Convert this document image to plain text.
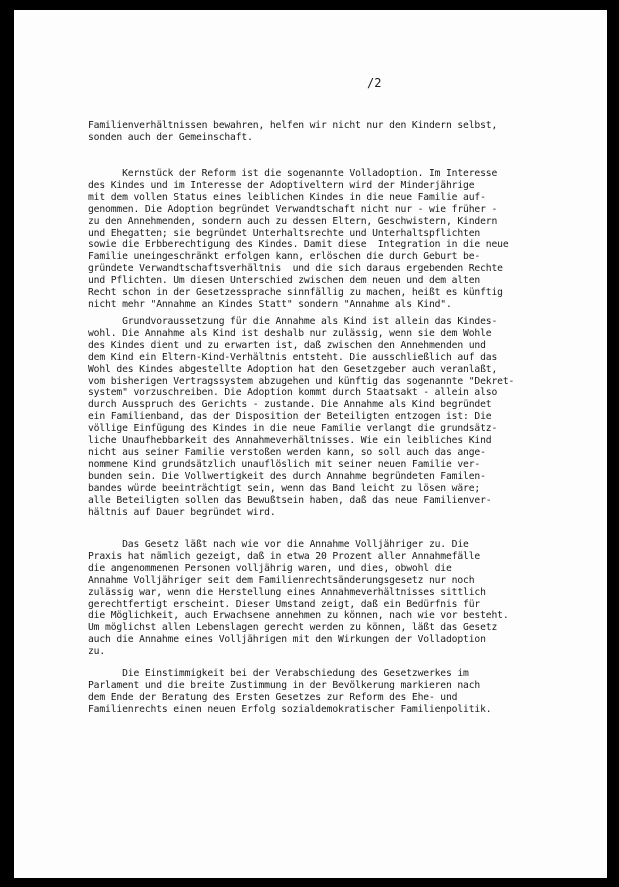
/2
Familienverhältnissen bewahren, helfen wir nicht nur den Kindern selbst,
sonden auch der Gemeinschaft.
Kernstück der Reform ist die sogenannte Volladoption. Im Interesse
des Kindes und im Interesse der Adoptiveltern wird der Minderjährige
mit dem vollen Status eines leiblichen Kindes in die neue Familie auf-
genommen. Die Adoption begründet Verwandtschaft nicht nur - wie früher -
zu den Annehmenden, sondern auch zu dessen Eltern, Geschwistern, Kindern
und Ehegatten; sie begründet Unterhaltsrechte und Unterhaltspflichten
sowie die Erbberechtigung des Kindes. Damit diese  Integration in die neue
Familie uneingeschränkt erfolgen kann, erlöschen die durch Geburt be-
gründete Verwandtschaftsverhältnis  und die sich daraus ergebenden Rechte
und Pflichten. Um diesen Unterschied zwischen dem neuen und dem alten
Recht schon in der Gesetzessprache sinnfällig zu machen, heißt es künftig
nicht mehr "Annahme an Kindes Statt" sondern "Annahme als Kind".
Grundvoraussetzung für die Annahme als Kind ist allein das Kindes-
wohl. Die Annahme als Kind ist deshalb nur zulässig, wenn sie dem Wohle
des Kindes dient und zu erwarten ist, daß zwischen den Annehmenden und
dem Kind ein Eltern-Kind-Verhältnis entsteht. Die ausschließlich auf das
Wohl des Kindes abgestellte Adoption hat den Gesetzgeber auch veranlaßt,
vom bisherigen Vertragssystem abzugehen und künftig das sogenannte "Dekret-
system" vorzuschreiben. Die Adoption kommt durch Staatsakt - allein also
durch Ausspruch des Gerichts - zustande. Die Annahme als Kind begründet
ein Familienband, das der Disposition der Beteiligten entzogen ist: Die
völlige Einfügung des Kindes in die neue Familie verlangt die grundsätz-
liche Unaufhebbarkeit des Annahmeverhältnisses. Wie ein leibliches Kind
nicht aus seiner Familie verstoßen werden kann, so soll auch das ange-
nommene Kind grundsätzlich unauflöslich mit seiner neuen Familie ver-
bunden sein. Die Vollwertigkeit des durch Annahme begründeten Familen-
bandes würde beeinträchtigt sein, wenn das Band leicht zu lösen wäre;
alle Beteiligten sollen das Bewußtsein haben, daß das neue Familienver-
hältnis auf Dauer begründet wird.
Das Gesetz läßt nach wie vor die Annahme Volljähriger zu. Die
Praxis hat nämlich gezeigt, daß in etwa 20 Prozent aller Annahmefälle
die angenommenen Personen volljährig waren, und dies, obwohl die
Annahme Volljähriger seit dem Familienrechtsänderungsgesetz nur noch
zulässig war, wenn die Herstellung eines Annahmeverhältnisses sittlich
gerechtfertigt erscheint. Dieser Umstand zeigt, daß ein Bedürfnis für
die Möglichkeit, auch Erwachsene annehmen zu können, nach wie vor besteht.
Um möglichst allen Lebenslagen gerecht werden zu können, läßt das Gesetz
auch die Annahme eines Volljährigen mit den Wirkungen der Volladoption
zu.
Die Einstimmigkeit bei der Verabschiedung des Gesetzwerkes im
Parlament und die breite Zustimmung in der Bevölkerung markieren nach
dem Ende der Beratung des Ersten Gesetzes zur Reform des Ehe- und
Familienrechts einen neuen Erfolg sozialdemokratischer Familienpolitik.
